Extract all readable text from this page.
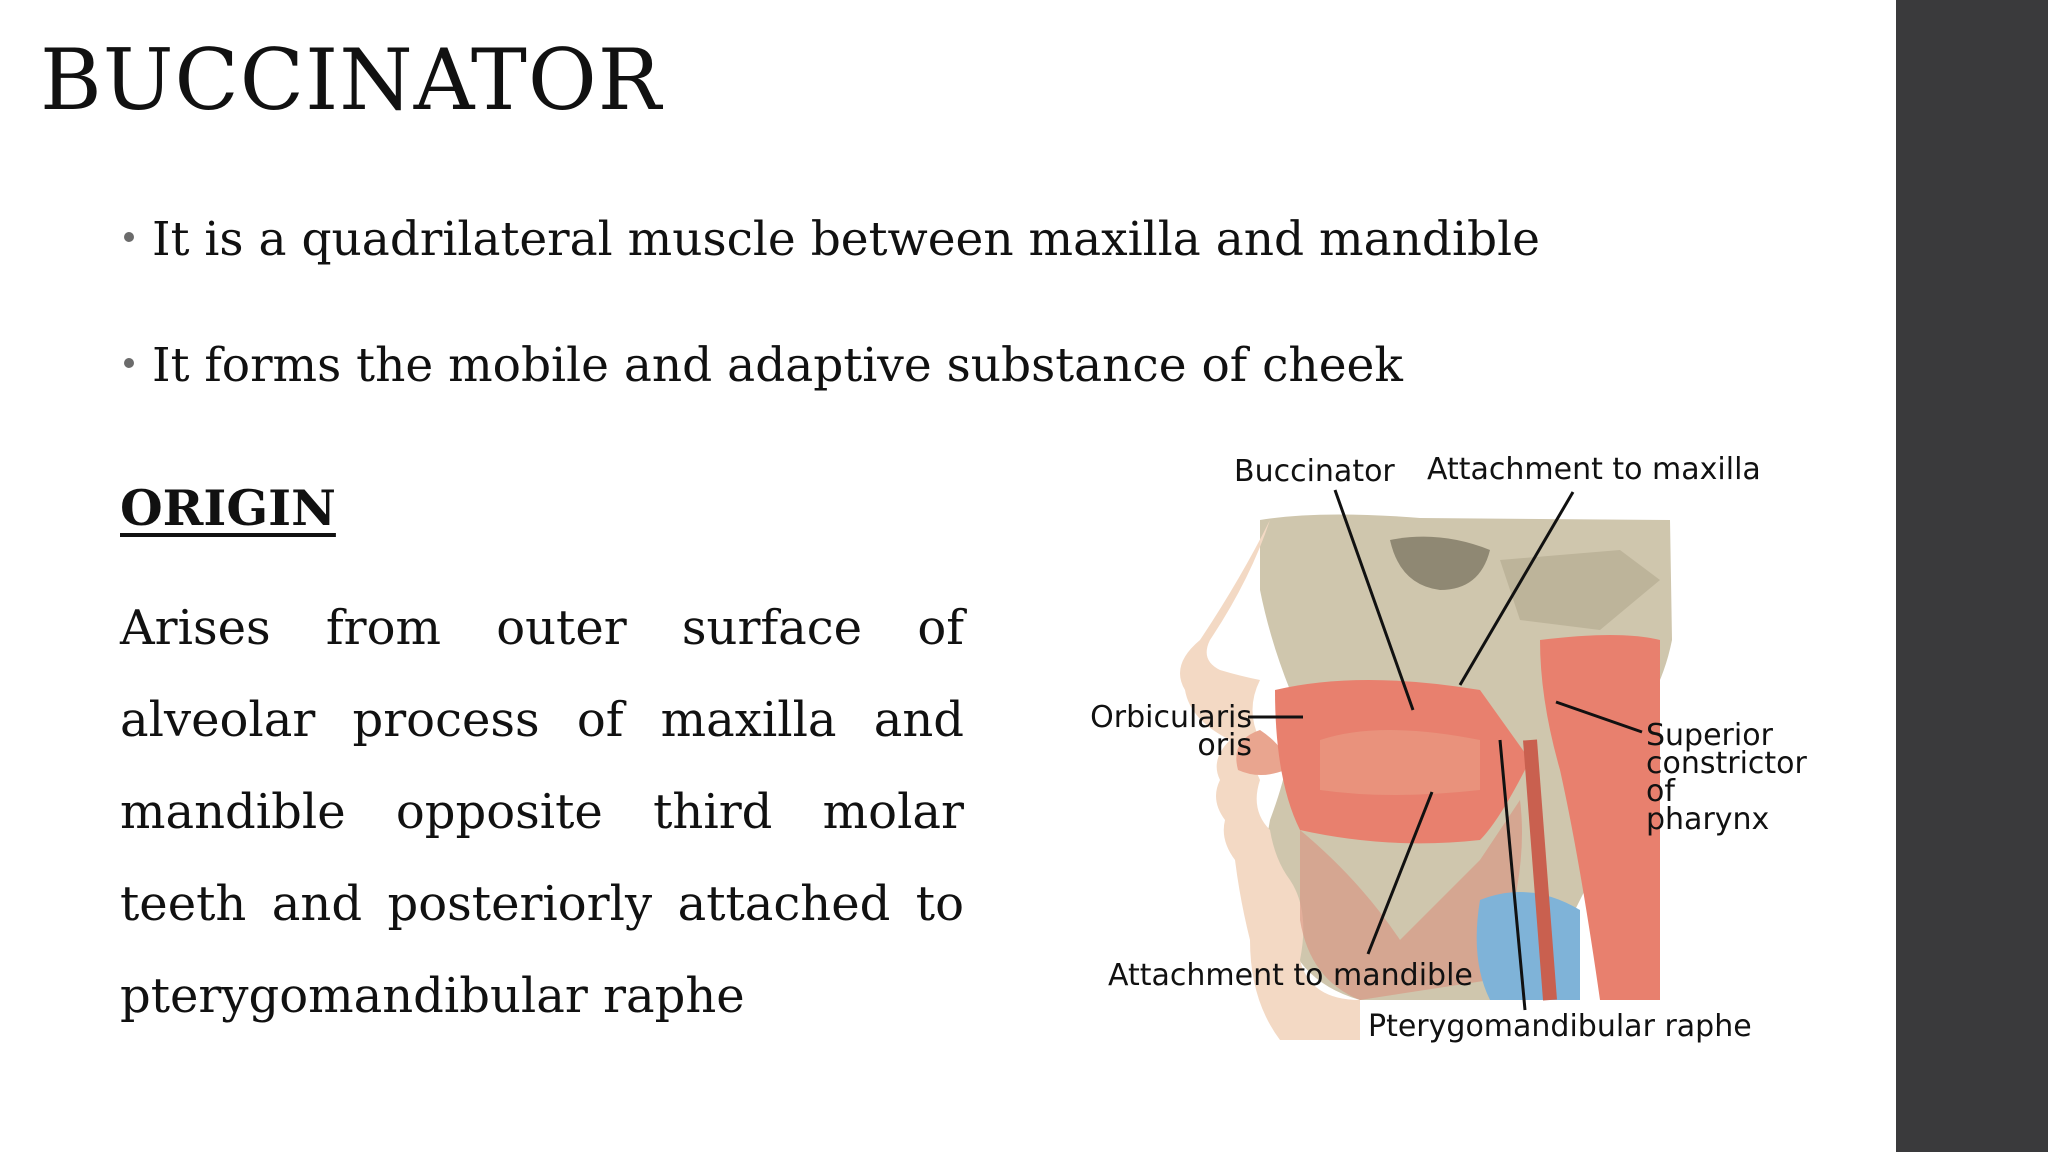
BUCCINATOR
It is a quadrilateral muscle between maxilla and mandible
It forms the mobile and adaptive substance of cheek
ORIGIN

Arises from outer surface of alveolar process of maxilla and mandible opposite third molar teeth and posteriorly attached to pterygomandibular raphe

Buccinator Attachment to maxilla
Orbicularis
oris	Superior
constrictor
of
pharynx
Attachment to mandible
Pterygomandibular raphe
